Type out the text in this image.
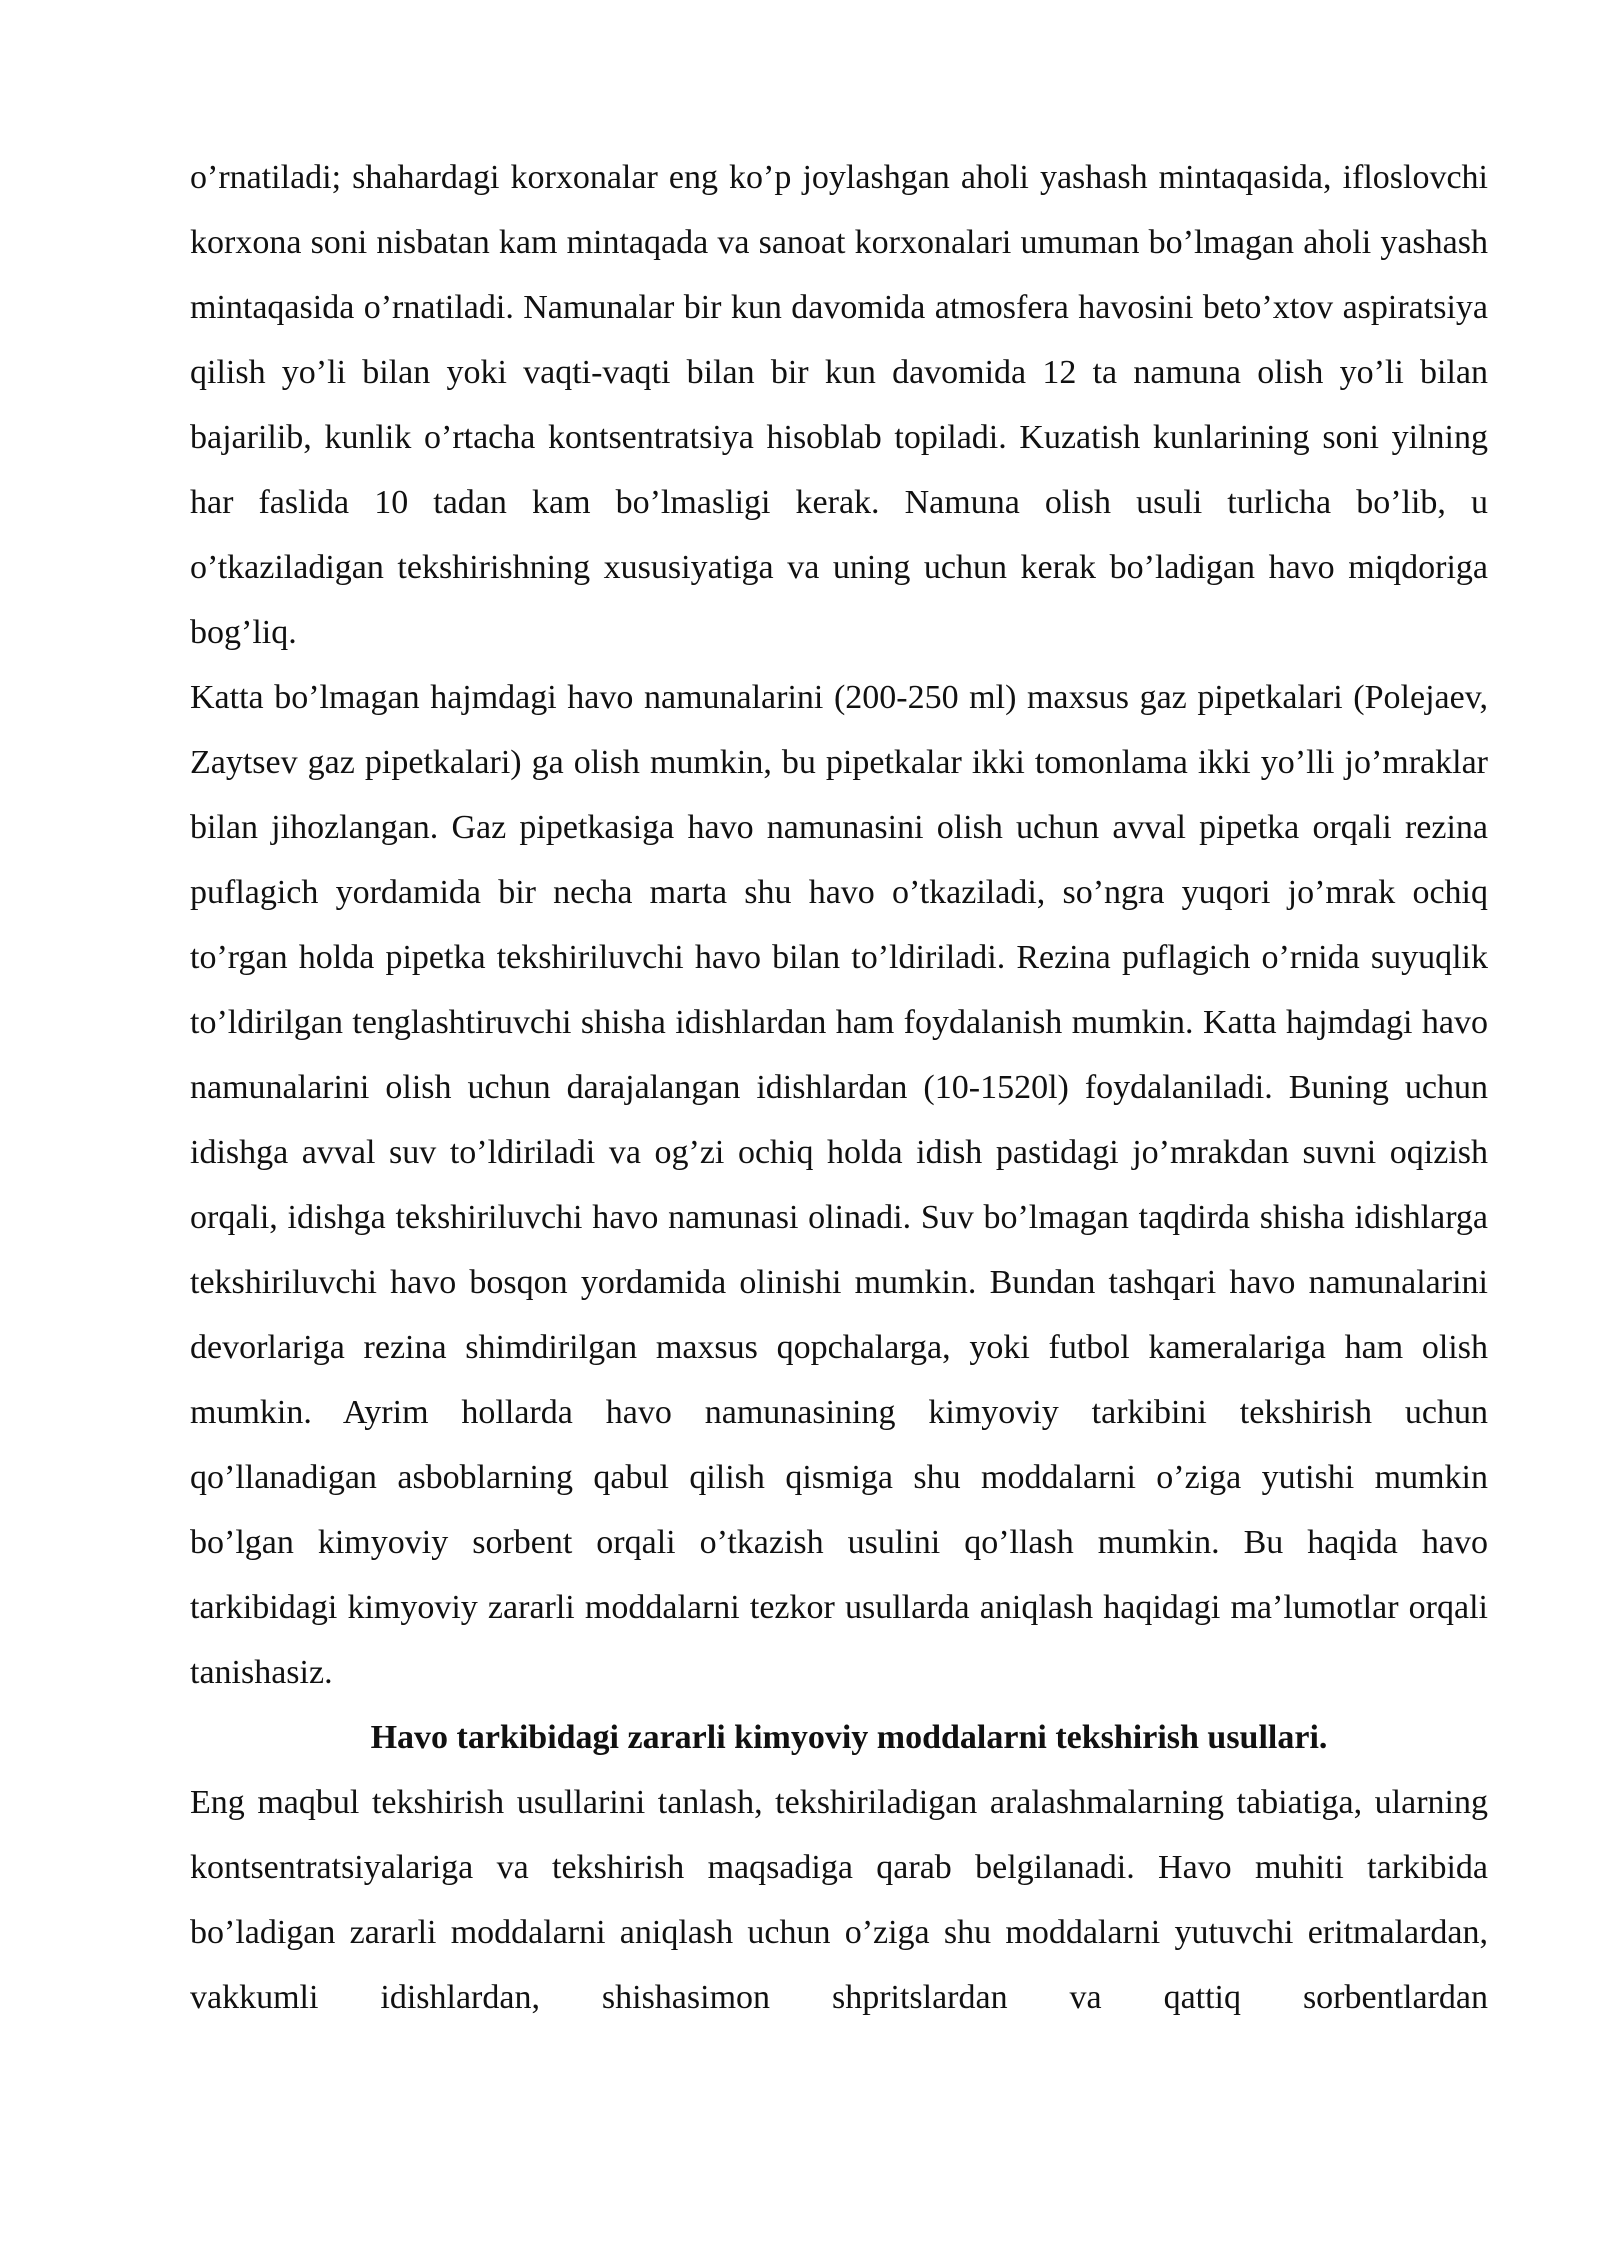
o’rnatiladi; shahardagi korxonalar eng ko’p joylashgan aholi yashash mintaqasida, ifloslovchi korxona soni nisbatan kam mintaqada va sanoat korxonalari umuman bo’lmagan aholi yashash mintaqasida o’rnatiladi. Namunalar bir kun davomida atmosfera havosini beto’xtov aspiratsiya qilish yo’li bilan yoki vaqti-vaqti bilan bir kun davomida 12 ta namuna olish yo’li bilan bajarilib, kunlik o’rtacha kontsentratsiya hisoblab topiladi. Kuzatish kunlarining soni yilning har faslida 10 tadan kam bo’lmasligi kerak. Namuna olish usuli turlicha bo’lib, u o’tkaziladigan tekshirishning xususiyatiga va uning uchun kerak bo’ladigan havo miqdoriga bog’liq.

Katta bo’lmagan hajmdagi havo namunalarini (200-250 ml) maxsus gaz pipetkalari (Polejaev, Zaytsev gaz pipetkalari) ga olish mumkin, bu pipetkalar ikki tomonlama ikki yo’lli jo’mraklar bilan jihozlangan. Gaz pipetkasiga havo namunasini olish uchun avval pipetka orqali rezina puflagich yordamida bir necha marta shu havo o’tkaziladi, so’ngra yuqori jo’mrak ochiq to’rgan holda pipetka tekshiriluvchi havo bilan to’ldiriladi. Rezina puflagich o’rnida suyuqlik to’ldirilgan tenglashtiruvchi shisha idishlardan ham foydalanish mumkin. Katta hajmdagi havo namunalarini olish uchun darajalangan idishlardan (10-1520l) foydalaniladi. Buning uchun idishga avval suv to’ldiriladi va og’zi ochiq holda idish pastidagi jo’mrakdan suvni oqizish orqali, idishga tekshiriluvchi havo namunasi olinadi. Suv bo’lmagan taqdirda shisha idishlarga tekshiriluvchi havo bosqon yordamida olinishi mumkin. Bundan tashqari havo namunalarini devorlariga rezina shimdirilgan maxsus qopchalarga, yoki futbol kameralariga ham olish mumkin. Ayrim hollarda havo namunasining kimyoviy tarkibini tekshirish uchun qo’llanadigan asboblarning qabul qilish qismiga shu moddalarni o’ziga yutishi mumkin bo’lgan kimyoviy sorbent orqali o’tkazish usulini qo’llash mumkin. Bu haqida havo tarkibidagi kimyoviy zararli moddalarni tezkor usullarda aniqlash haqidagi ma’lumotlar orqali tanishasiz.

Havo tarkibidagi zararli kimyoviy moddalarni tekshirish usullari.

Eng maqbul tekshirish usullarini tanlash, tekshiriladigan aralashmalarning tabiatiga, ularning kontsentratsiyalariga va tekshirish maqsadiga qarab belgilanadi. Havo muhiti tarkibida bo’ladigan zararli moddalarni aniqlash uchun o’ziga shu moddalarni yutuvchi eritmalardan, vakkumli idishlardan, shishasimon shpritslardan va qattiq sorbentlardan
